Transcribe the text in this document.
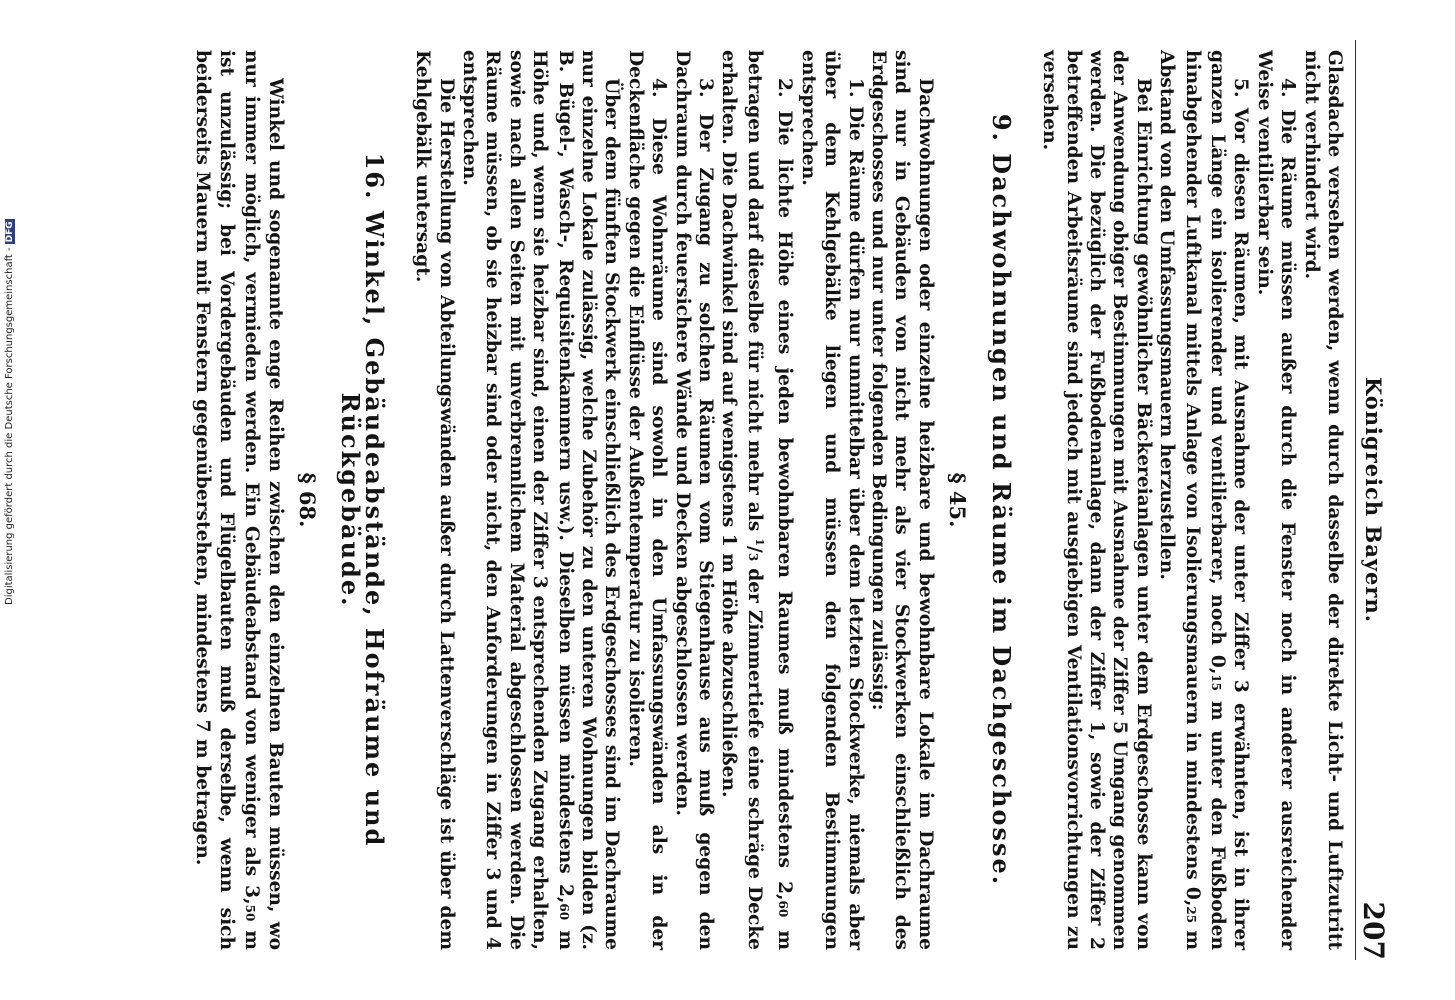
Königreich Bayern.
207

Glasdache versehen werden, wenn durch dasselbe der direkte Licht- und Luftzutritt nicht verhindert wird.

4. Die Räume müssen außer durch die Fenster noch in anderer ausreichender Weise ventilierbar sein.

5. Vor diesen Räumen, mit Ausnahme der unter Ziffer 3 erwähnten, ist in ihrer ganzen Länge ein isolierender und ventilierbarer, noch 0,15 m unter den Fußboden hinabgehender Luftkanal mittels Anlage von Isolierungsmauern in mindestens 0,25 m Abstand von den Umfassungsmauern herzustellen.

Bei Einrichtung gewöhnlicher Bäckereianlagen unter dem Erdgeschosse kann von der Anwendung obiger Bestimmungen mit Ausnahme der Ziffer 5 Umgang genommen werden. Die bezüglich der Fußbodenanlage, dann der Ziffer 1, sowie der Ziffer 2 betreffenden Arbeitsräume sind jedoch mit ausgiebigen Ventilationsvorrichtungen zu versehen.

9. Dachwohnungen und Räume im Dachgeschosse.
§ 45.

Dachwohnungen oder einzelne heizbare und bewohnbare Lokale im Dachraume sind nur in Gebäuden von nicht mehr als vier Stockwerken einschließlich des Erdgeschosses und nur unter folgenden Bedingungen zulässig:

1. Die Räume dürfen nur unmittelbar über dem letzten Stockwerke, niemals aber über dem Kehlgebälke liegen und müssen den folgenden Bestimmungen entsprechen.

2. Die lichte Höhe eines jeden bewohnbaren Raumes muß mindestens 2,60 m betragen und darf dieselbe für nicht mehr als $^1$/3 der Zimmertiefe eine schräge Decke erhalten. Die Dachwinkel sind auf wenigstens 1 m Höhe abzuschließen.

3. Der Zugang zu solchen Räumen vom Stiegenhause aus muß gegen den Dachraum durch feuersichere Wände und Decken abgeschlossen werden.

4. Diese Wohnräume sind sowohl in den Umfassungswänden als in der Deckenfläche gegen die Einflüsse der Außentemperatur zu isolieren.

Über dem fünften Stockwerk einschließlich des Erdgeschosses sind im Dachraume nur einzelne Lokale zulässig, welche Zubehör zu den unteren Wohnungen bilden (z. B. Bügel-, Wasch-, Requisitenkammern usw.). Dieselben müssen mindestens 2,60 m Höhe und, wenn sie heizbar sind, einen der Ziffer 3 entsprechenden Zugang erhalten, sowie nach allen Seiten mit unverbrennlichem Material abgeschlossen werden. Die Räume müssen, ob sie heizbar sind oder nicht, den Anforderungen in Ziffer 3 und 4 entsprechen.

Die Herstellung von Abteilungswänden außer durch Lattenverschläge ist über dem Kehlgebälk untersagt.

16. Winkel, Gebäudeabstände, Hofräume und Rückgebäude.
§ 68.

Winkel und sogenannte enge Reihen zwischen den einzelnen Bauten müssen, wo nur immer möglich, vermieden werden. Ein Gebäudeabstand von weniger als 3,50 m ist unzulässig; bei Vordergebäuden und Flügelbauten muß derselbe, wenn sich beiderseits Mauern mit Fenstern gegenüberstehen, mindestens 7 m betragen.

Digitalisierung gefördert durch die Deutsche Forschungsgemeinschaft -DFG
